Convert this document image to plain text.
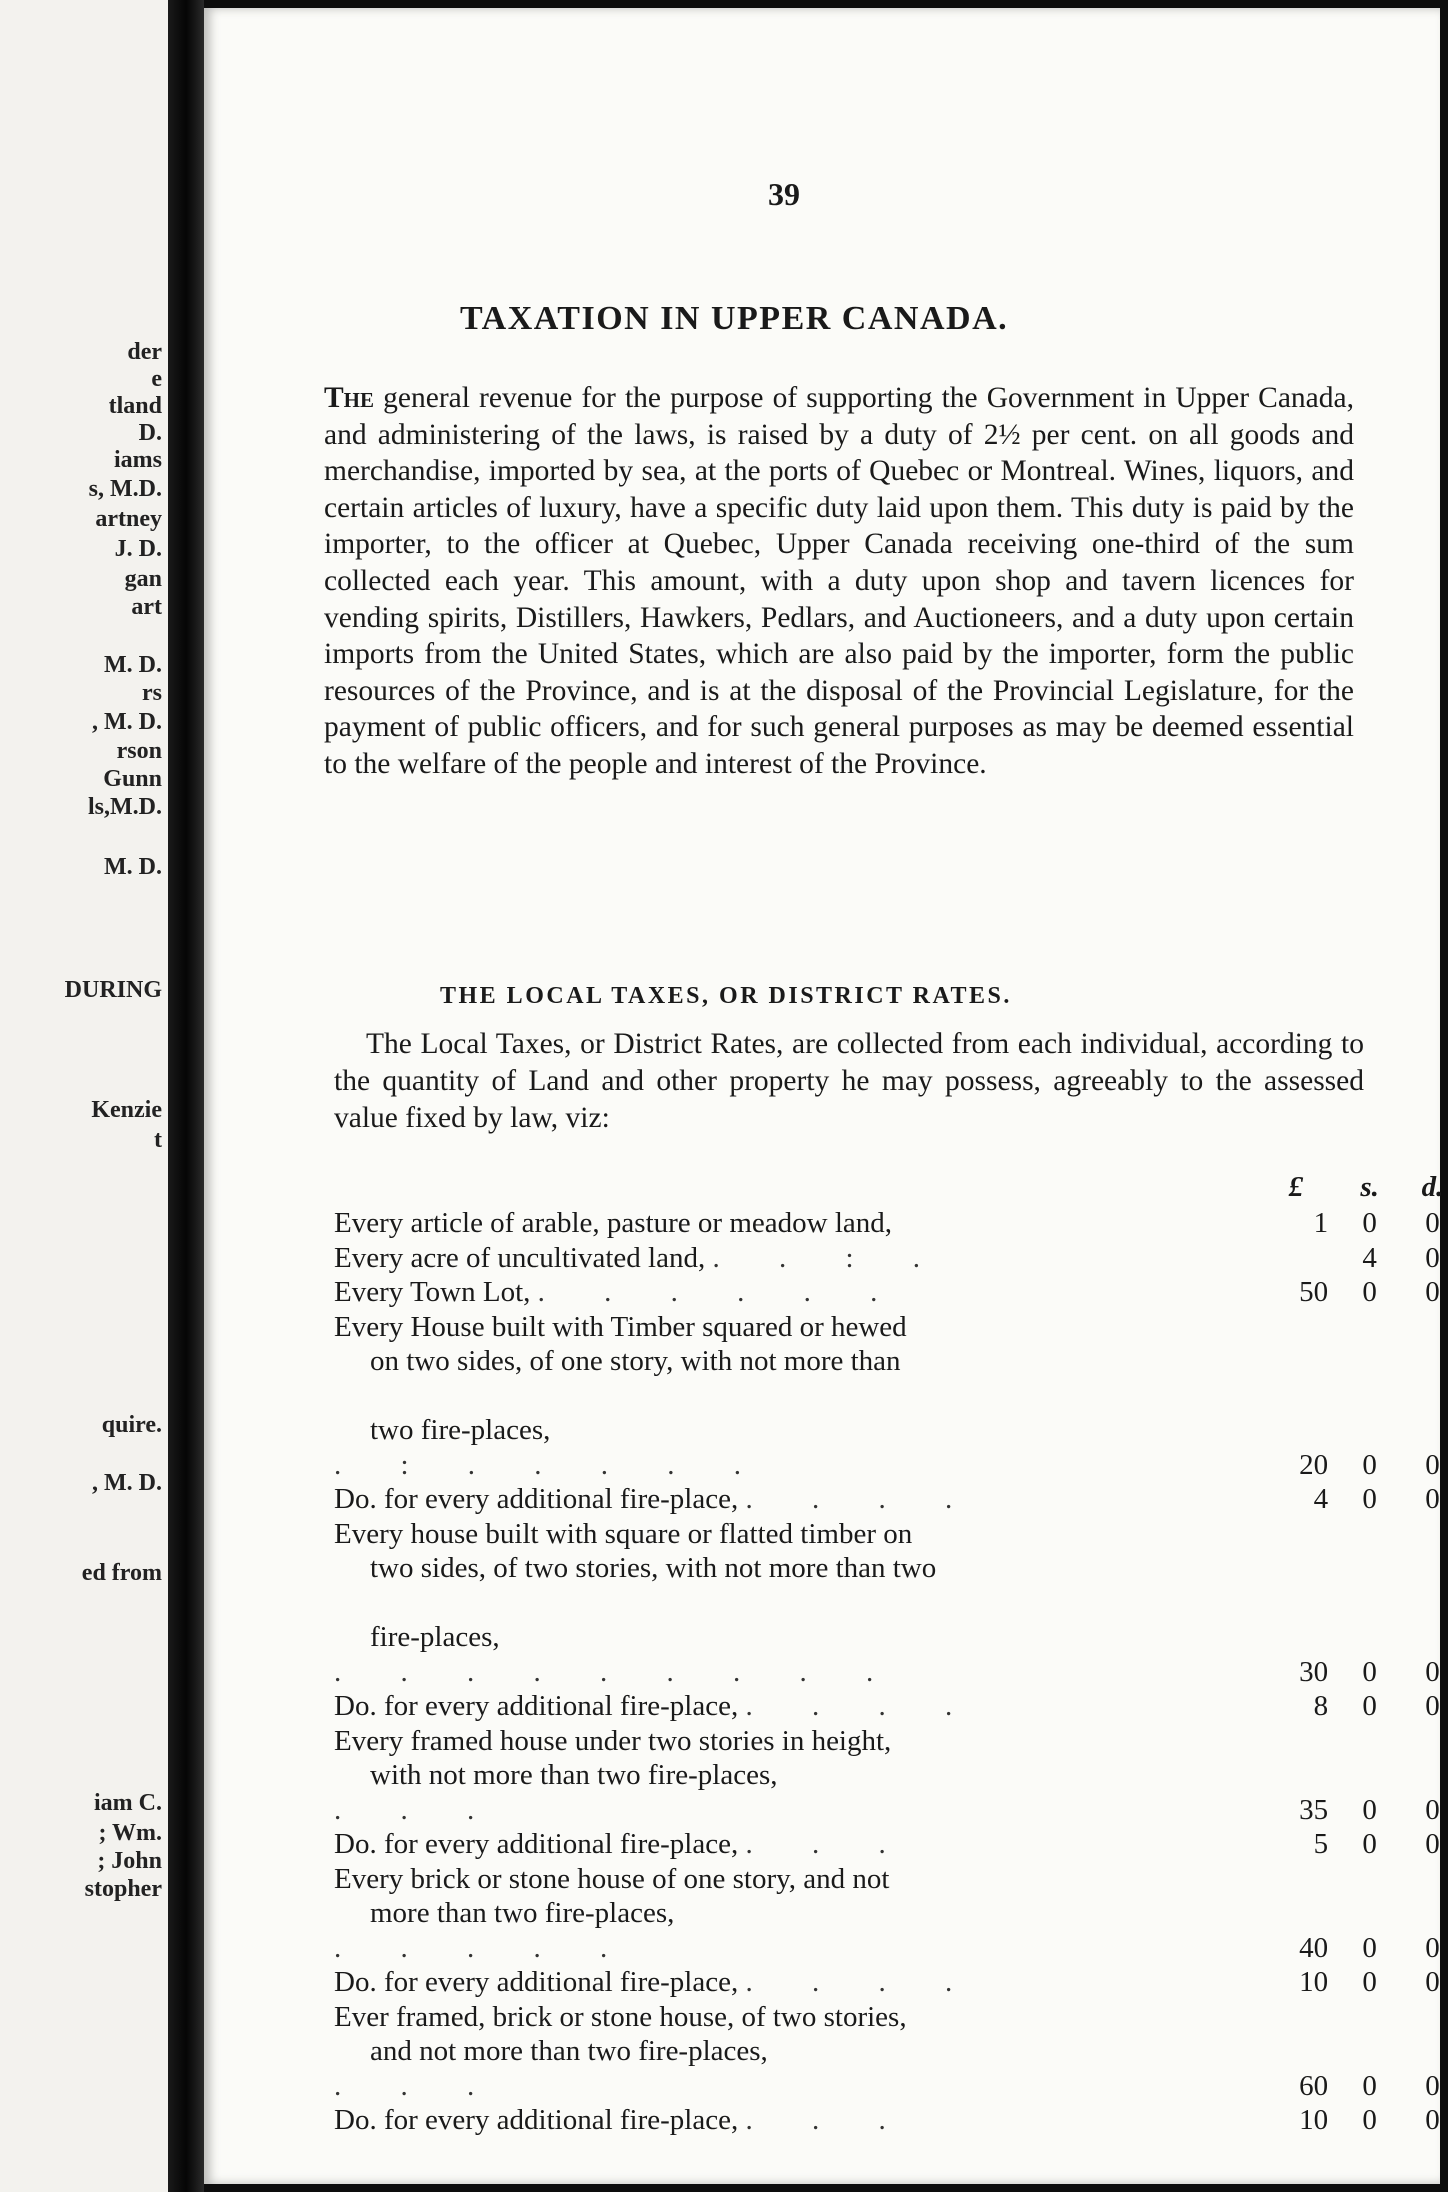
der
e
tland
D.
iams
s, M.D.
artney
J. D.
gan
art
M. D.
rs
, M. D.
rson
Gunn
ls,M.D.
M. D.
DURING
Kenzie
t
quire.
, M. D.
ed from
iam C.
; Wm.
; John
stopher
39
TAXATION IN UPPER CANADA.
The general revenue for the purpose of supporting the Government in Upper Canada, and administering of the laws, is raised by a duty of 2½ per cent. on all goods and merchandise, imported by sea, at the ports of Quebec or Montreal. Wines, liquors, and certain articles of luxury, have a specific duty laid upon them. This duty is paid by the importer, to the officer at Quebec, Upper Canada receiving one-third of the sum collected each year. This amount, with a duty upon shop and tavern licences for vending spirits, Distillers, Hawkers, Pedlars, and Auctioneers, and a duty upon certain imports from the United States, which are also paid by the importer, form the public resources of the Province, and is at the disposal of the Provincial Legislature, for the payment of public officers, and for such general purposes as may be deemed essential to the welfare of the people and interest of the Province.
THE LOCAL TAXES, OR DISTRICT RATES.
The Local Taxes, or District Rates, are collected from each individual, according to the quantity of Land and other property he may possess, agreeably to the assessed value fixed by law, viz:
	£	s.	d.
Every article of arable, pasture or meadow land,	1	0	0
Every acre of uncultivated land, . . : .		4	0
Every Town Lot, . . . . . .	50	0	0
Every House built with Timber squared or hewed

on two sides, of one story, with not more than

two fire-places,
. : . . . . .	20	0	0
Do. for every additional fire-place, . . . .	4	0	0
Every house built with square or flatted timber on

two sides, of two stories, with not more than two

fire-places,
. . . . . . . . .	30	0	0
Do. for every additional fire-place, . . . .	8	0	0
Every framed house under two stories in height,

with not more than two fire-places,
. . .	35	0	0
Do. for every additional fire-place, . . .	5	0	0
Every brick or stone house of one story, and not

more than two fire-places,
. . . . .	40	0	0
Do. for every additional fire-place, . . . .	10	0	0
Ever framed, brick or stone house, of two stories,

and not more than two fire-places,
. . .	60	0	0
Do. for every additional fire-place, . . .	10	0	0
